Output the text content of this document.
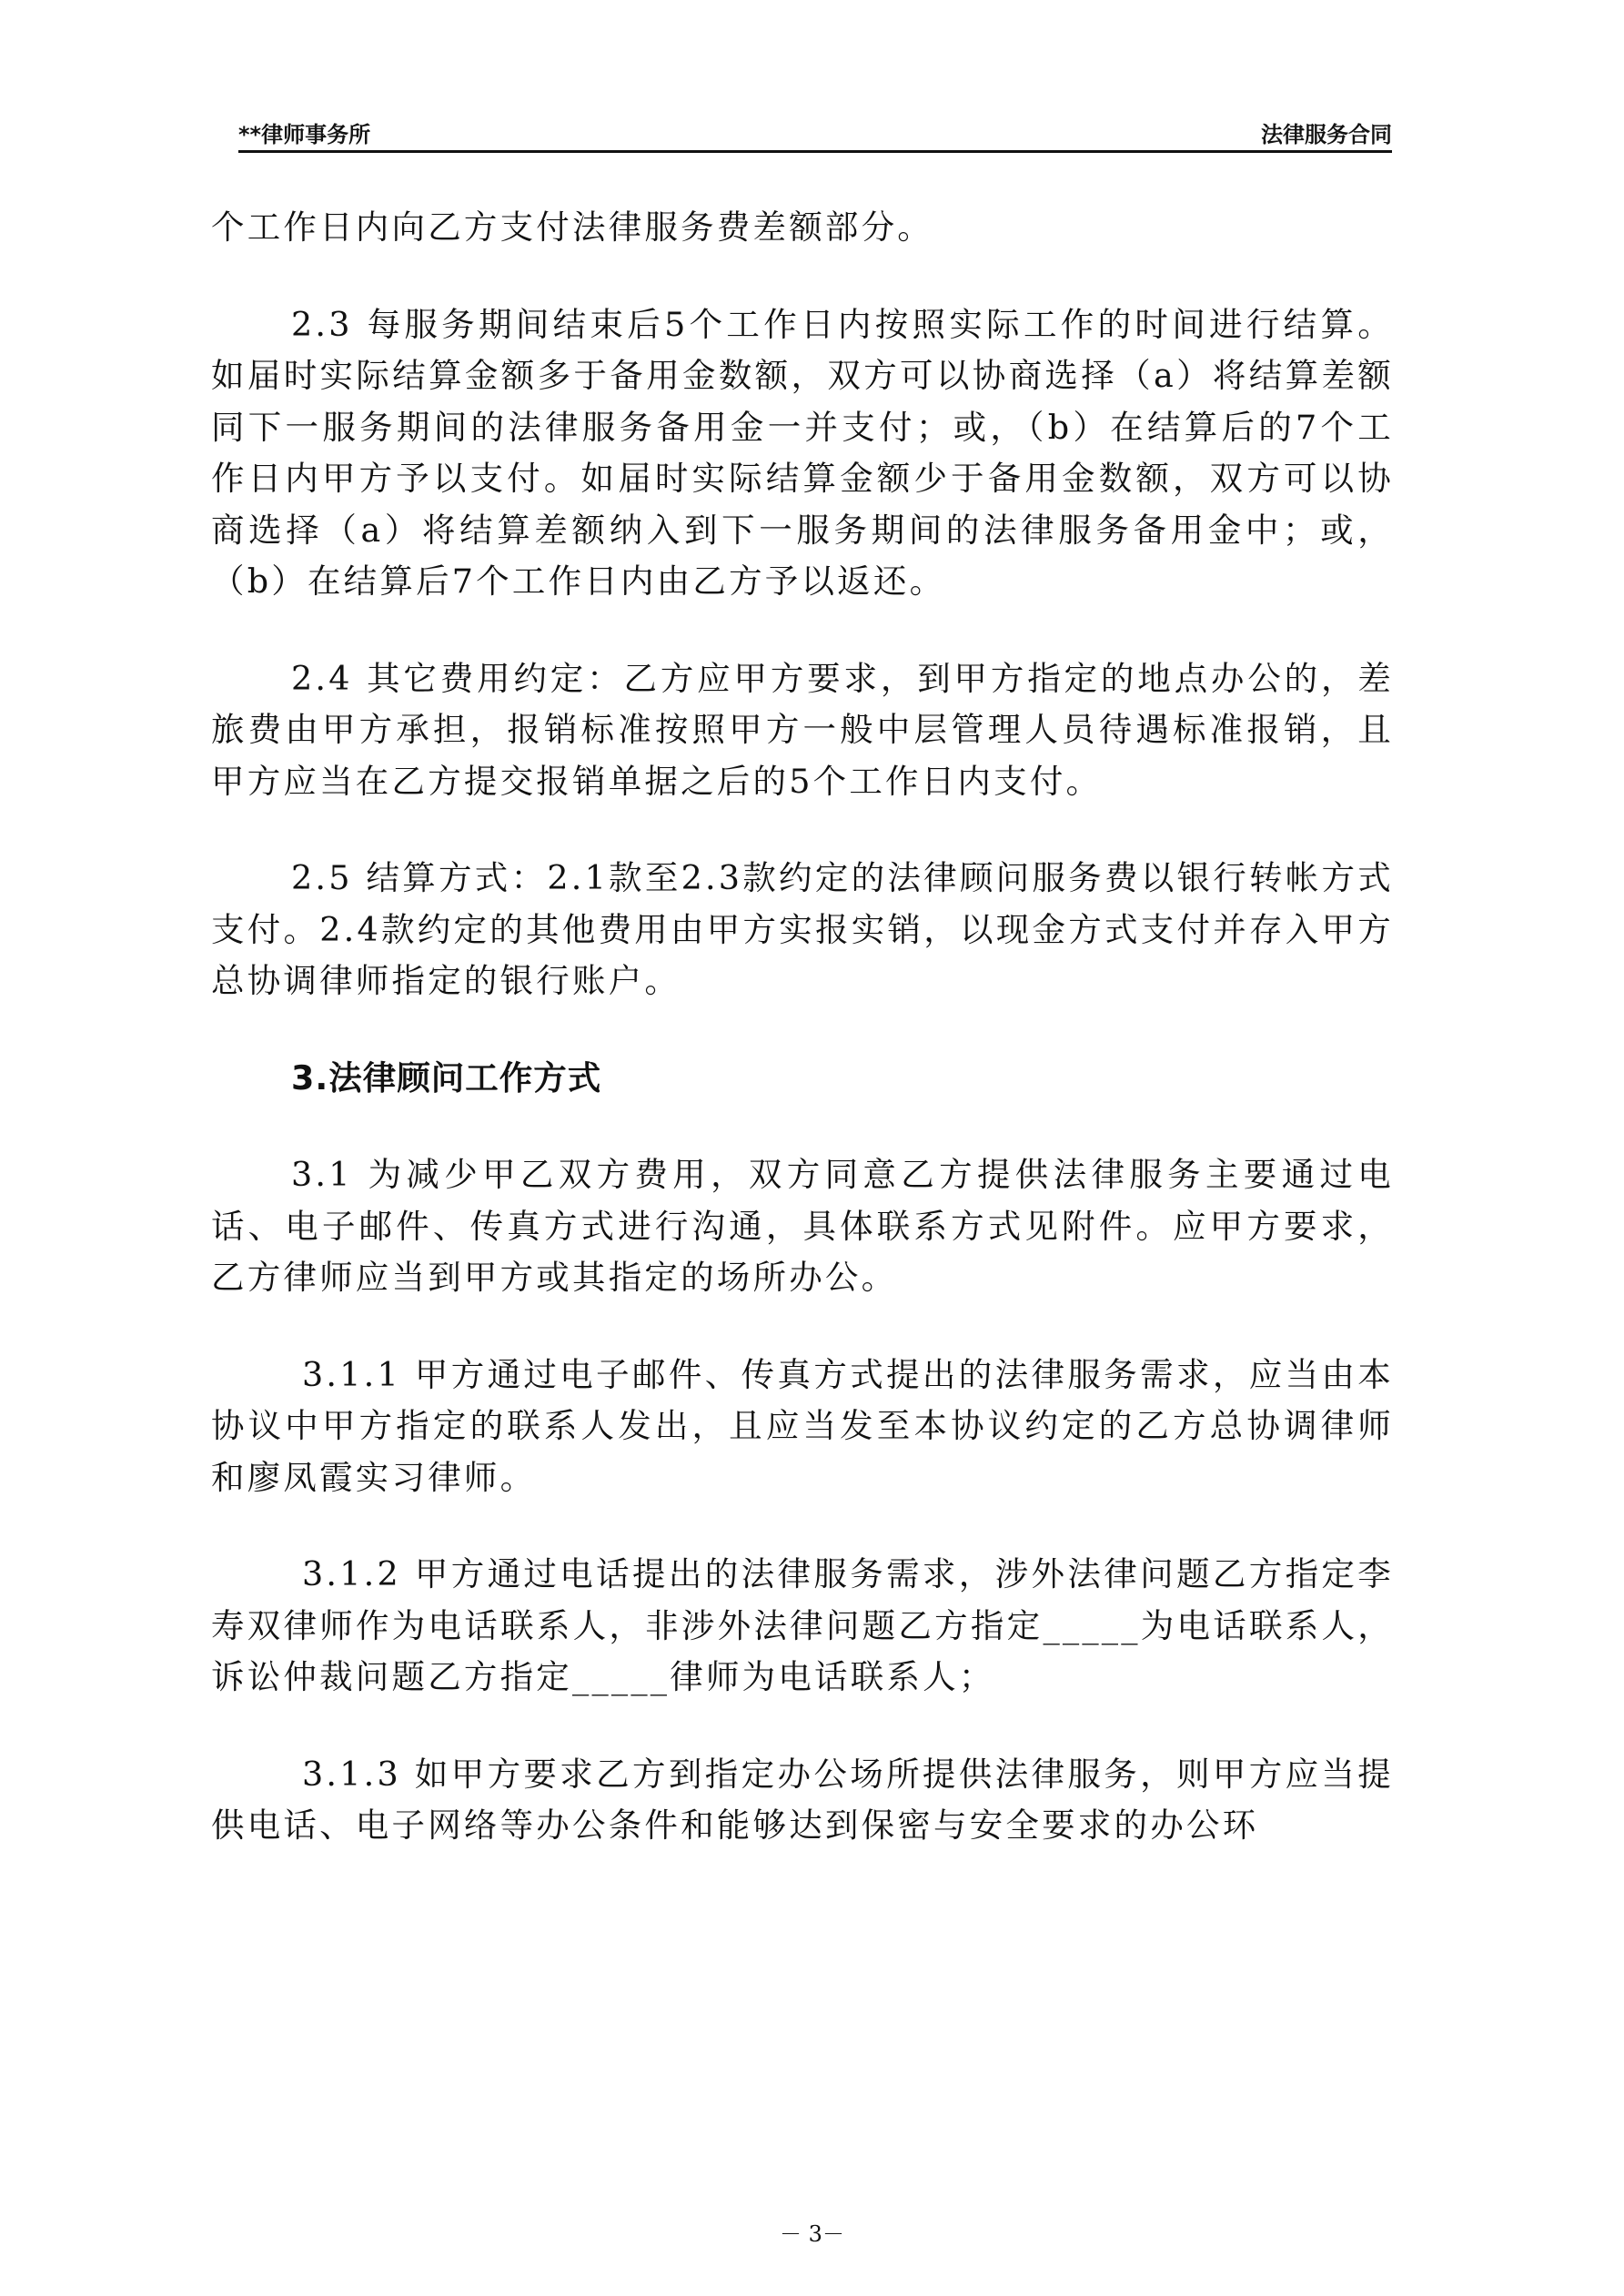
**律师事务所	法律服务合同

个工作日内向乙方支付法律服务费差额部分。

2.3 每服务期间结束后5个工作日内按照实际工作的时间进行结算。如届时实际结算金额多于备用金数额，双方可以协商选择（a）将结算差额同下一服务期间的法律服务备用金一并支付；或，（b）在结算后的7个工作日内甲方予以支付。如届时实际结算金额少于备用金数额，双方可以协商选择（a）将结算差额纳入到下一服务期间的法律服务备用金中；或，（b）在结算后7个工作日内由乙方予以返还。

2.4 其它费用约定：乙方应甲方要求，到甲方指定的地点办公的，差旅费由甲方承担，报销标准按照甲方一般中层管理人员待遇标准报销，且甲方应当在乙方提交报销单据之后的5个工作日内支付。

2.5 结算方式：2.1款至2.3款约定的法律顾问服务费以银行转帐方式支付。2.4款约定的其他费用由甲方实报实销，以现金方式支付并存入甲方总协调律师指定的银行账户。

3.法律顾问工作方式

3.1 为减少甲乙双方费用，双方同意乙方提供法律服务主要通过电话、电子邮件、传真方式进行沟通，具体联系方式见附件。应甲方要求，乙方律师应当到甲方或其指定的场所办公。

3.1.1 甲方通过电子邮件、传真方式提出的法律服务需求，应当由本协议中甲方指定的联系人发出，且应当发至本协议约定的乙方总协调律师和廖凤霞实习律师。

3.1.2 甲方通过电话提出的法律服务需求，涉外法律问题乙方指定李寿双律师作为电话联系人，非涉外法律问题乙方指定_____为电话联系人，诉讼仲裁问题乙方指定_____律师为电话联系人；

3.1.3 如甲方要求乙方到指定办公场所提供法律服务，则甲方应当提供电话、电子网络等办公条件和能够达到保密与安全要求的办公环

－ 3－
